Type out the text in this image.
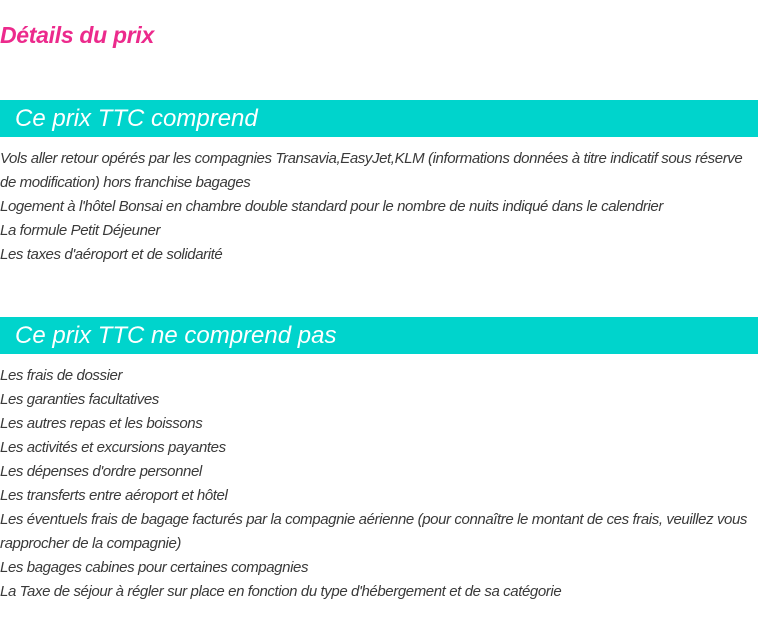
Détails du prix
Ce prix TTC comprend
Vols aller retour opérés par les compagnies Transavia,EasyJet,KLM (informations données à titre indicatif sous réserve de modification) hors franchise bagages
Logement à l'hôtel Bonsai en chambre double standard pour le nombre de nuits indiqué dans le calendrier
La formule Petit Déjeuner
Les taxes d'aéroport et de solidarité
Ce prix TTC ne comprend pas
Les frais de dossier
Les garanties facultatives
Les autres repas et les boissons
Les activités et excursions payantes
Les dépenses d'ordre personnel
Les transferts entre aéroport et hôtel
Les éventuels frais de bagage facturés par la compagnie aérienne (pour connaître le montant de ces frais, veuillez vous rapprocher de la compagnie)
Les bagages cabines pour certaines compagnies
La Taxe de séjour à régler sur place en fonction du type d'hébergement et de sa catégorie
